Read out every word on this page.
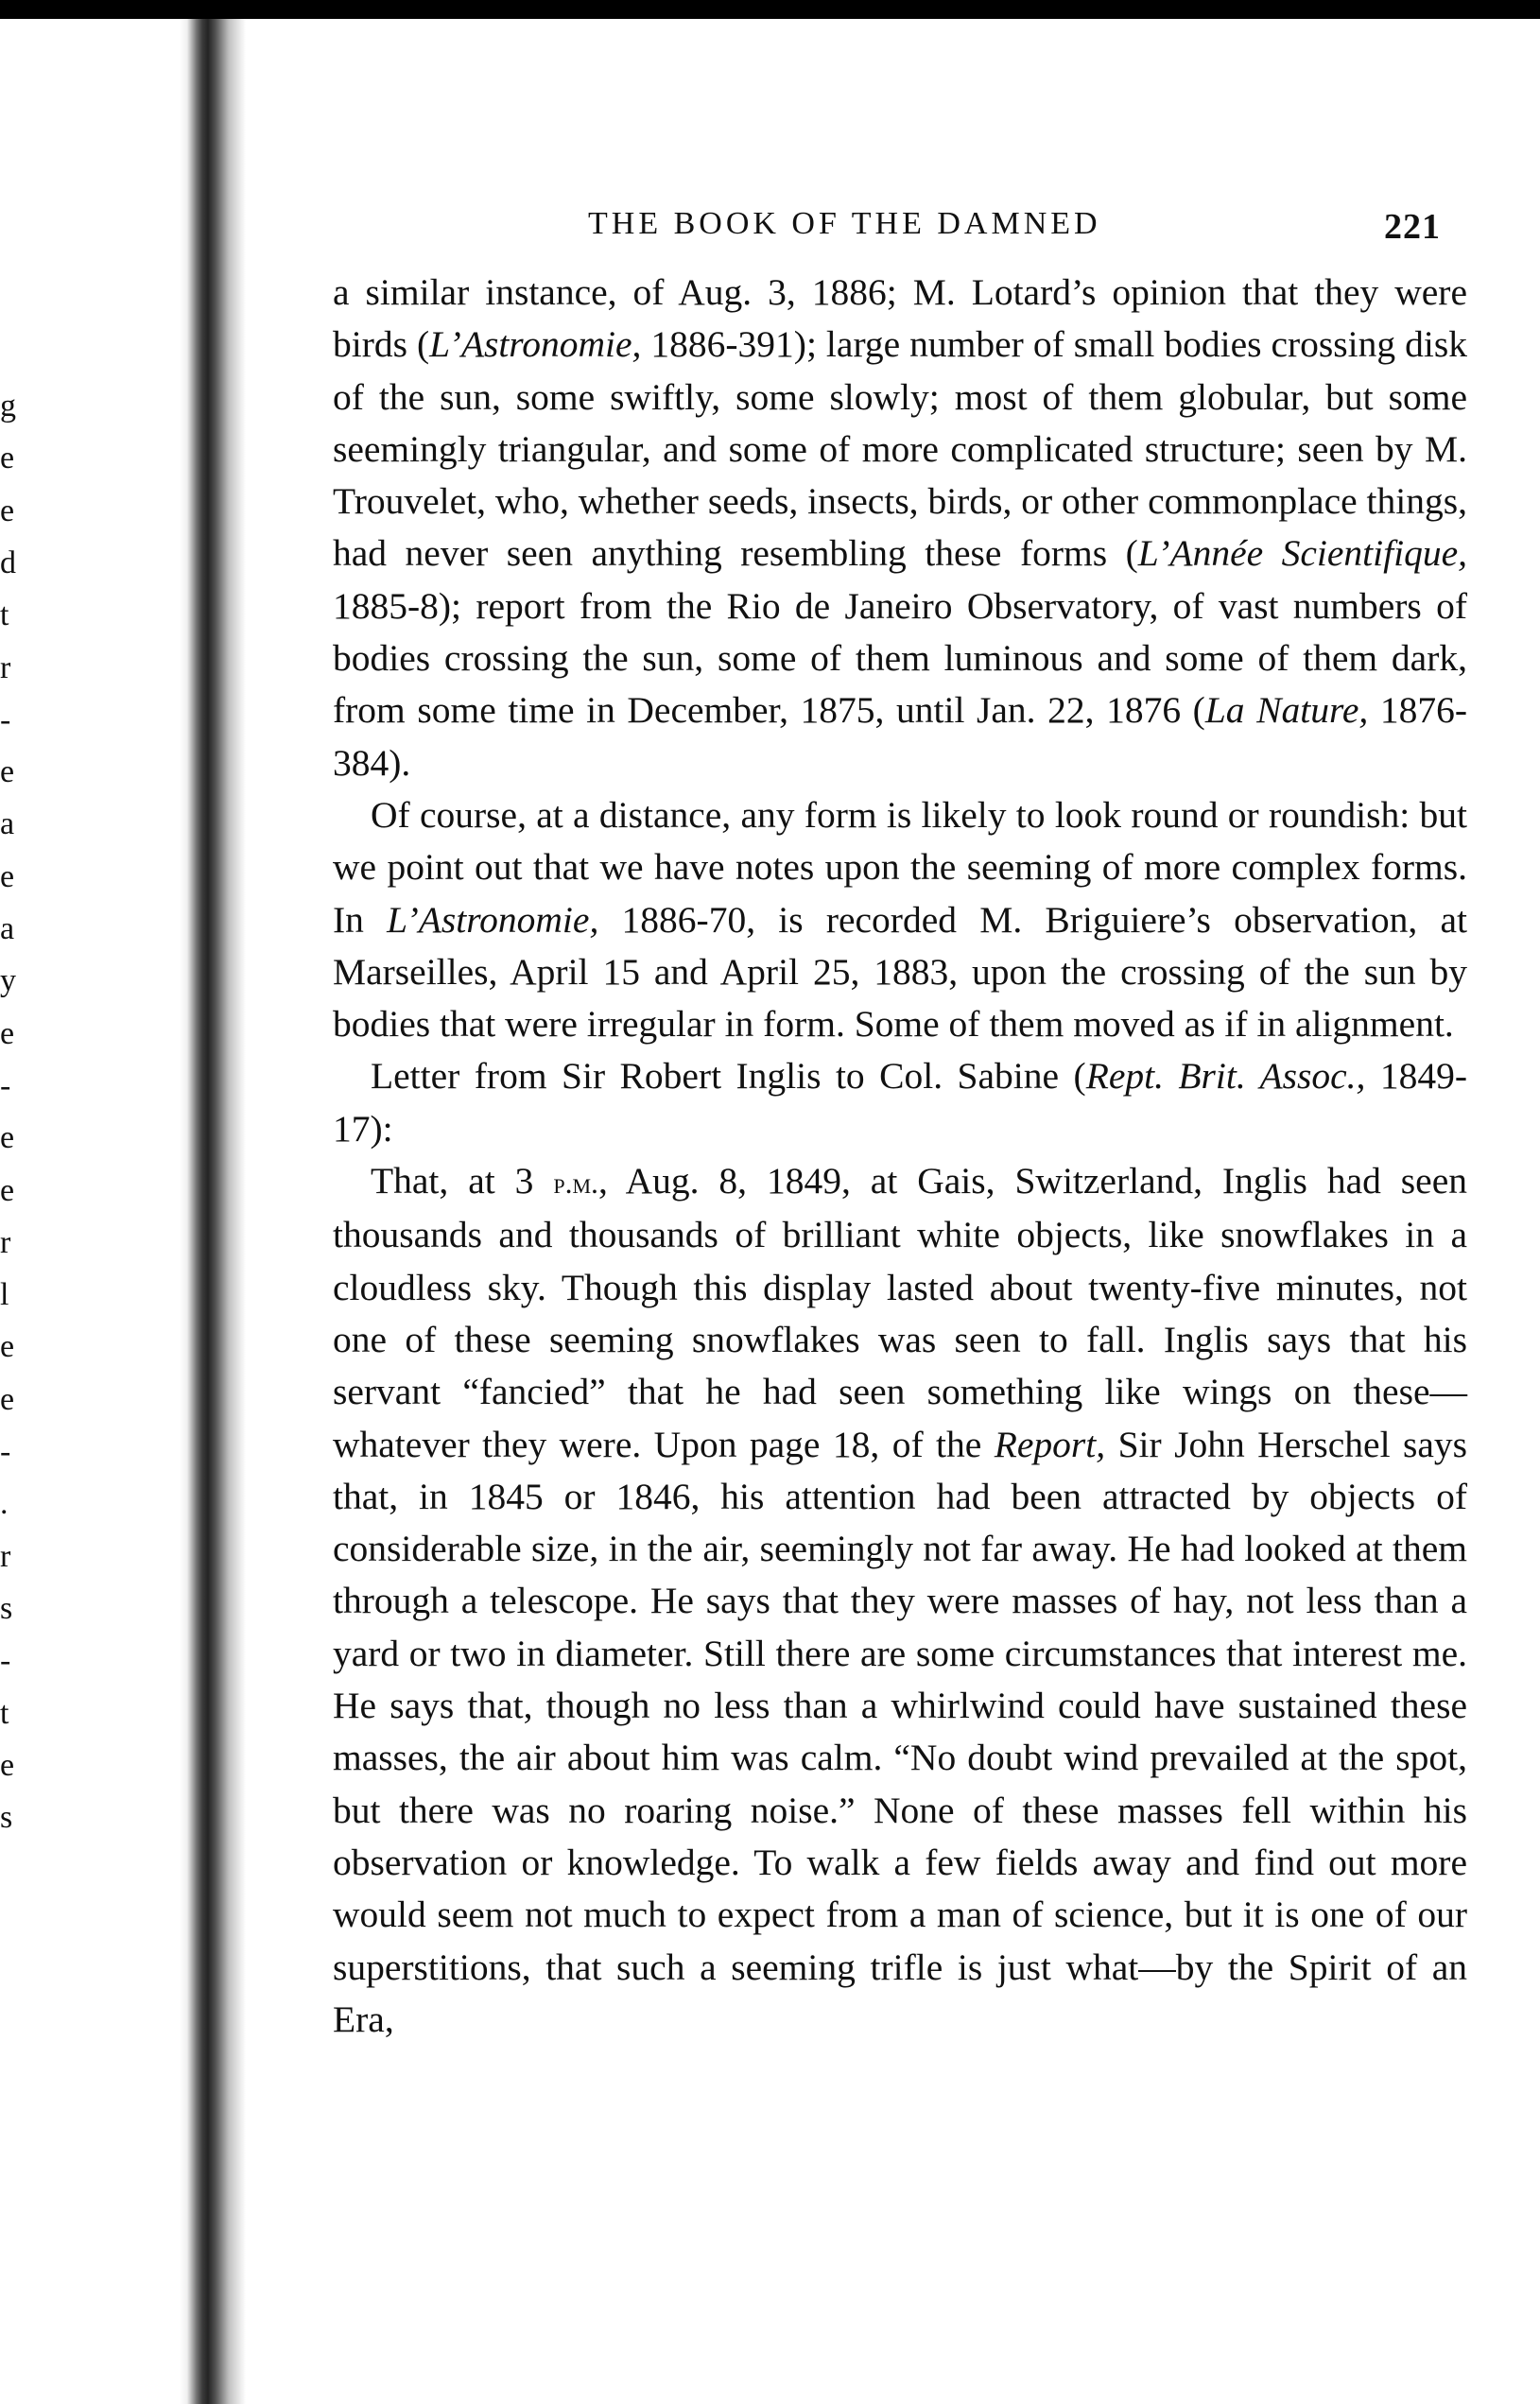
g
e
e
d
t
r
-
e
a
e
a
y
e
-
e
e
r
l
e
e
-
.
r
s
-
t
e
s
THE BOOK OF THE DAMNED	221

a similar instance, of Aug. 3, 1886; M. Lotard’s opinion that they were birds (L’Astronomie, 1886-391); large number of small bodies crossing disk of the sun, some swiftly, some slowly; most of them globular, but some seemingly triangular, and some of more complicated structure; seen by M. Trouvelet, who, whether seeds, insects, birds, or other commonplace things, had never seen anything resembling these forms (L’Année Scientifique, 1885-8); report from the Rio de Janeiro Observatory, of vast numbers of bodies crossing the sun, some of them luminous and some of them dark, from some time in December, 1875, until Jan. 22, 1876 (La Nature, 1876-384).

Of course, at a distance, any form is likely to look round or roundish: but we point out that we have notes upon the seeming of more complex forms. In L’Astronomie, 1886-70, is recorded M. Briguiere’s observation, at Marseilles, April 15 and April 25, 1883, upon the crossing of the sun by bodies that were irregular in form. Some of them moved as if in alignment.

Letter from Sir Robert Inglis to Col. Sabine (Rept. Brit. Assoc., 1849-17):

That, at 3 p.m., Aug. 8, 1849, at Gais, Switzerland, Inglis had seen thousands and thousands of brilliant white objects, like snowflakes in a cloudless sky. Though this display lasted about twenty-five minutes, not one of these seeming snowflakes was seen to fall. Inglis says that his servant “fancied” that he had seen something like wings on these—whatever they were. Upon page 18, of the Report, Sir John Herschel says that, in 1845 or 1846, his attention had been attracted by objects of considerable size, in the air, seemingly not far away. He had looked at them through a telescope. He says that they were masses of hay, not less than a yard or two in diameter. Still there are some circumstances that interest me. He says that, though no less than a whirlwind could have sustained these masses, the air about him was calm. “No doubt wind prevailed at the spot, but there was no roaring noise.” None of these masses fell within his observation or knowledge. To walk a few fields away and find out more would seem not much to expect from a man of science, but it is one of our superstitions, that such a seeming trifle is just what—by the Spirit of an Era,
